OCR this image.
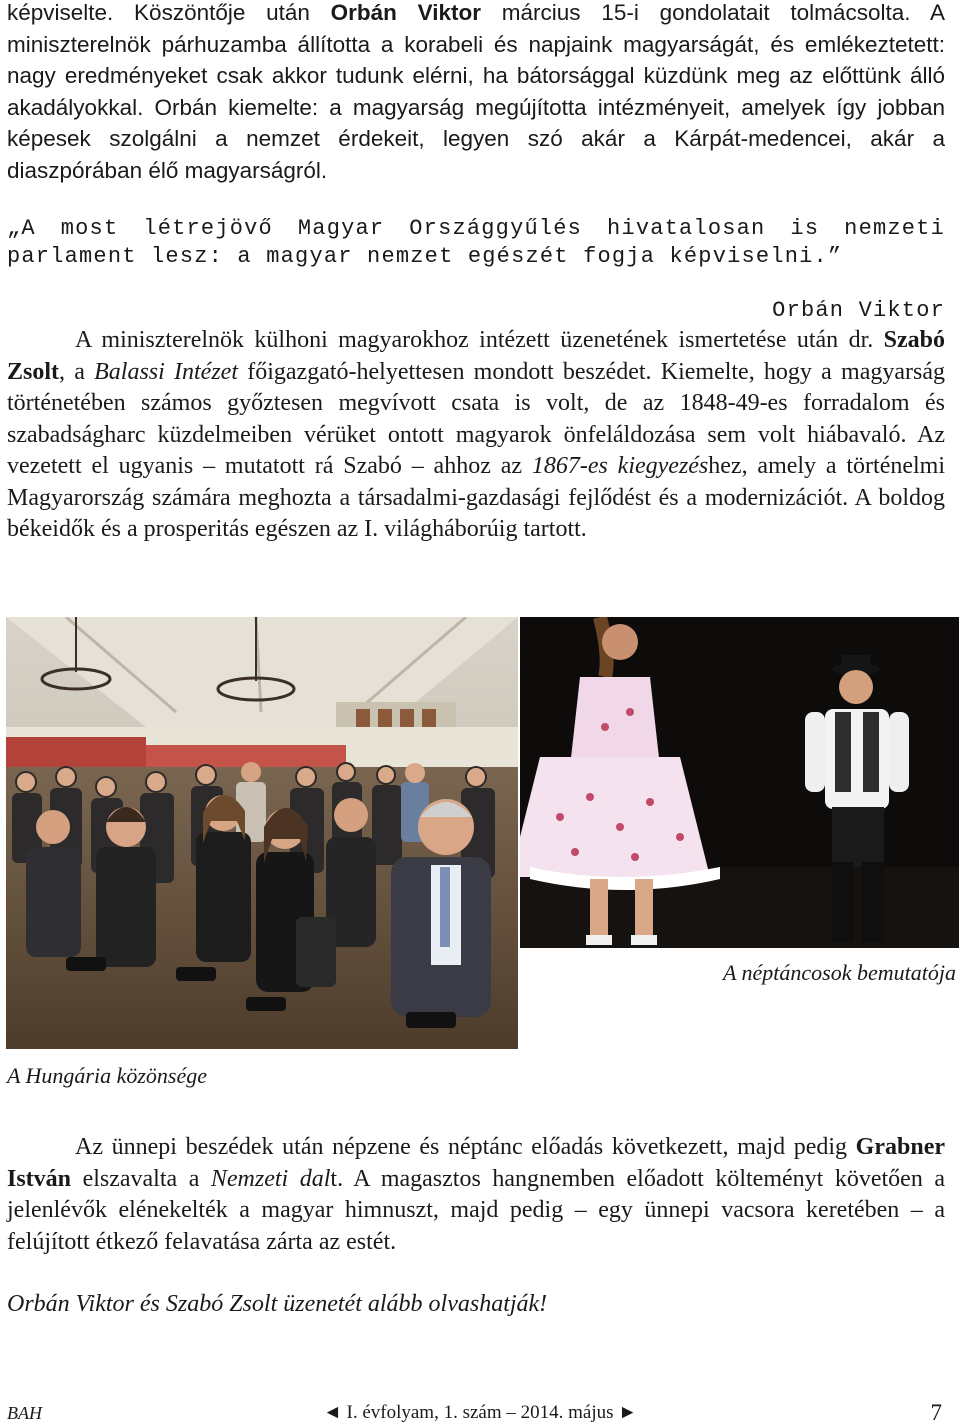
képviselte. Köszöntője után Orbán Viktor március 15-i gondolatait tolmácsolta. A miniszterelnök párhuzamba állította a korabeli és napjaink magyarságát, és emlékeztetett: nagy eredményeket csak akkor tudunk elérni, ha bátorsággal küzdünk meg az előttünk álló akadályokkal. Orbán kiemelte: a magyarság megújította intézményeit, amelyek így jobban képesek szolgálni a nemzet érdekeit, legyen szó akár a Kárpát-medencei, akár a diaszpórában élő magyarságról.

„A most létrejövő Magyar Országgyűlés hivatalosan is nemzeti parlament lesz: a magyar nemzet egészét fogja képviselni.”

Orbán Viktor

A miniszterelnök külhoni magyarokhoz intézett üzenetének ismertetése után dr. Szabó Zsolt, a Balassi Intézet főigazgató-helyettesen mondott beszédet. Kiemelte, hogy a magyarság történetében számos győztesen megvívott csata is volt, de az 1848-49-es forradalom és szabadságharc küzdelmeiben vérüket ontott magyarok önfeláldozása sem volt hiábavaló. Az vezetett el ugyanis – mutatott rá Szabó – ahhoz az 1867-es kiegyezéshez, amely a történelmi Magyarország számára meghozta a társadalmi-gazdasági fejlődést és a modernizációt. A boldog békeidők és a prosperitás egészen az I. világháborúig tartott.

A néptáncosok bemutatója
A Hungária közönsége

Az ünnepi beszédek után népzene és néptánc előadás következett, majd pedig Grabner István elszavalta a Nemzeti dalt. A magasztos hangnemben előadott költeményt követően a jelenlévők elénekelték a magyar himnuszt, majd pedig – egy ünnepi vacsora keretében – a felújított étkező felavatása zárta az estét.

Orbán Viktor és Szabó Zsolt üzenetét alább olvashatják!

BAH	◄ I. évfolyam, 1. szám – 2014. május ►	7
